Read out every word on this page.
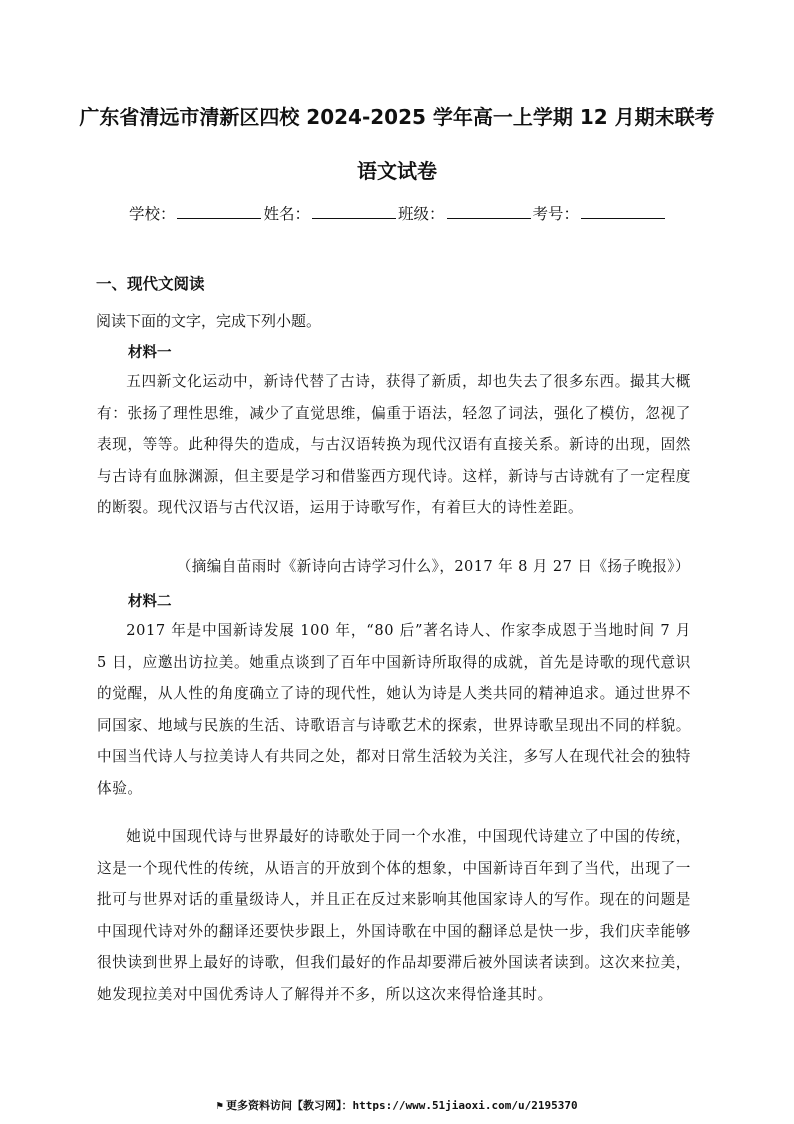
广东省清远市清新区四校 2024-2025 学年高一上学期 12 月期末联考
语文试卷
学校：	姓名：	班级：	考号：
一、现代文阅读
阅读下面的文字，完成下列小题。
材料一
五四新文化运动中，新诗代替了古诗，获得了新质，却也失去了很多东西。撮其大概有：张扬了理性思维，减少了直觉思维，偏重于语法，轻忽了词法，强化了模仿，忽视了表现，等等。此种得失的造成，与古汉语转换为现代汉语有直接关系。新诗的出现，固然与古诗有血脉渊源，但主要是学习和借鉴西方现代诗。这样，新诗与古诗就有了一定程度的断裂。现代汉语与古代汉语，运用于诗歌写作，有着巨大的诗性差距。
（摘编自苗雨时《新诗向古诗学习什么》，2017 年 8 月 27 日《扬子晚报》）
材料二
2017 年是中国新诗发展 100 年，“80 后”著名诗人、作家李成恩于当地时间 7 月 5 日，应邀出访拉美。她重点谈到了百年中国新诗所取得的成就，首先是诗歌的现代意识的觉醒，从人性的角度确立了诗的现代性，她认为诗是人类共同的精神追求。通过世界不同国家、地域与民族的生活、诗歌语言与诗歌艺术的探索，世界诗歌呈现出不同的样貌。中国当代诗人与拉美诗人有共同之处，都对日常生活较为关注，多写人在现代社会的独特体验。
她说中国现代诗与世界最好的诗歌处于同一个水准，中国现代诗建立了中国的传统，这是一个现代性的传统，从语言的开放到个体的想象，中国新诗百年到了当代，出现了一批可与世界对话的重量级诗人，并且正在反过来影响其他国家诗人的写作。现在的问题是中国现代诗对外的翻译还要快步跟上，外国诗歌在中国的翻译总是快一步，我们庆幸能够很快读到世界上最好的诗歌，但我们最好的作品却要滞后被外国读者读到。这次来拉美，她发现拉美对中国优秀诗人了解得并不多，所以这次来得恰逢其时。
⚑ 更多资料访问【教习网】：https://www.51jiaoxi.com/u/2195370
